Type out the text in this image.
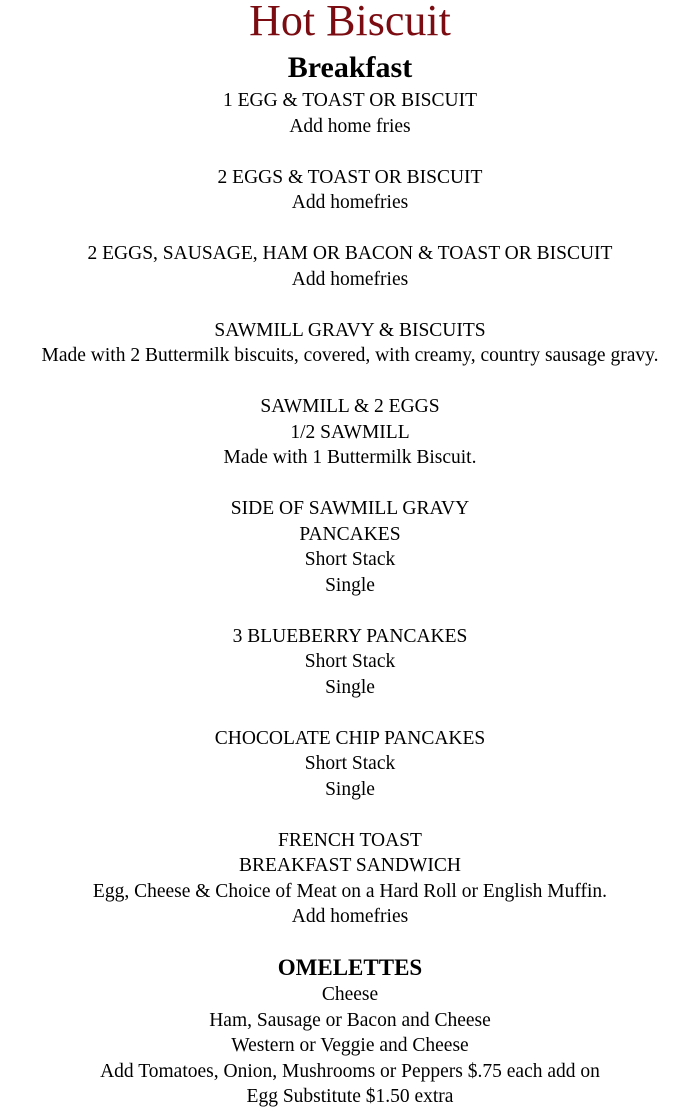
Hot Biscuit
Breakfast
1 EGG & TOAST OR BISCUIT
Add home fries
2 EGGS & TOAST OR BISCUIT
Add homefries
2 EGGS, SAUSAGE, HAM OR BACON & TOAST OR BISCUIT
Add homefries
SAWMILL GRAVY & BISCUITS
Made with 2 Buttermilk biscuits, covered, with creamy, country sausage gravy.
SAWMILL & 2 EGGS
1/2 SAWMILL
Made with 1 Buttermilk Biscuit.
SIDE OF SAWMILL GRAVY
PANCAKES
Short Stack
Single
3 BLUEBERRY PANCAKES
Short Stack
Single
CHOCOLATE CHIP PANCAKES
Short Stack
Single
FRENCH TOAST
BREAKFAST SANDWICH
Egg, Cheese & Choice of Meat on a Hard Roll or English Muffin.
Add homefries
OMELETTES
Cheese
Ham, Sausage or Bacon and Cheese
Western or Veggie and Cheese
Add Tomatoes, Onion, Mushrooms or Peppers $.75 each add on
Egg Substitute $1.50 extra
